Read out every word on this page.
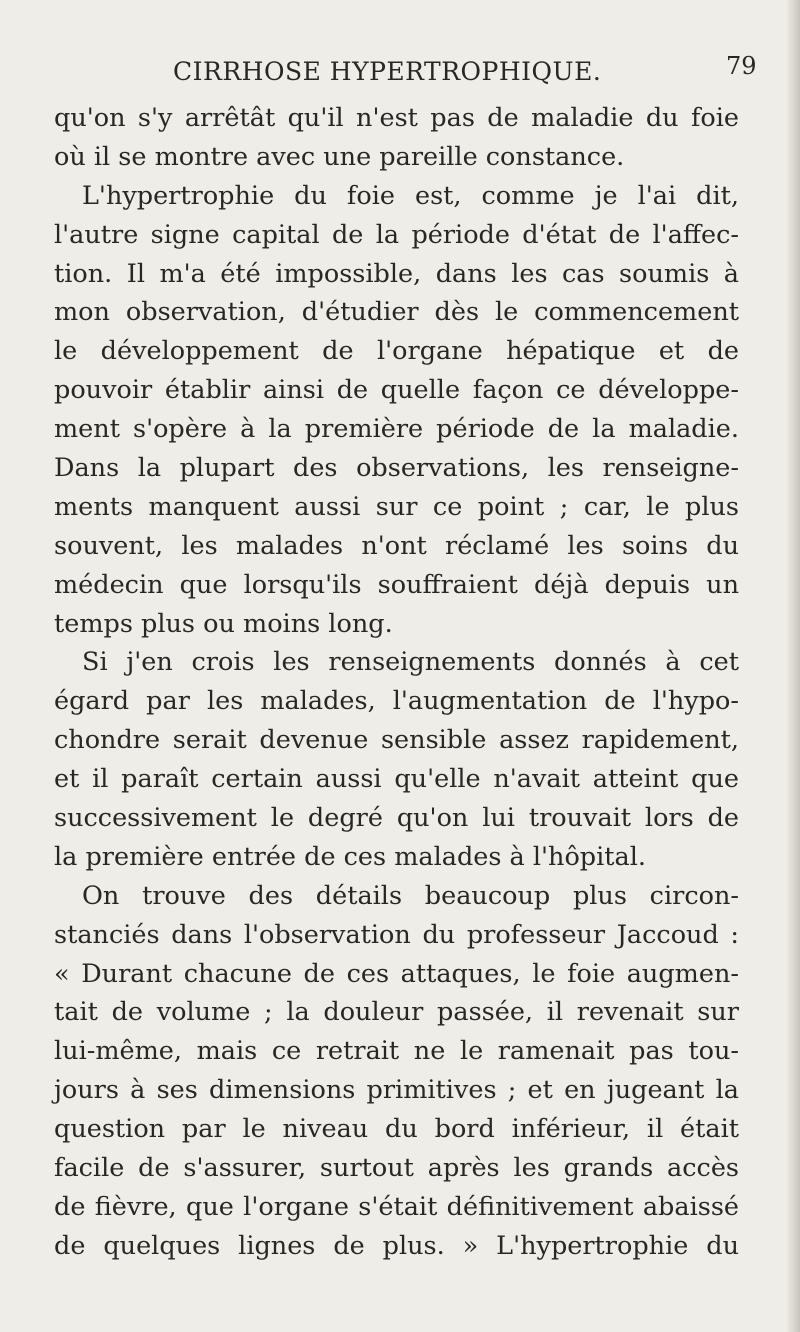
CIRRHOSE HYPERTROPHIQUE.	79
qu'on s'y arrêtât qu'il n'est pas de maladie du foie
où il se montre avec une pareille constance.
L'hypertrophie du foie est, comme je l'ai dit,
l'autre signe capital de la période d'état de l'affec-
tion. Il m'a été impossible, dans les cas soumis à
mon observation, d'étudier dès le commencement
le développement de l'organe hépatique et de
pouvoir établir ainsi de quelle façon ce développe-
ment s'opère à la première période de la maladie.
Dans la plupart des observations, les renseigne-
ments manquent aussi sur ce point ; car, le plus
souvent, les malades n'ont réclamé les soins du
médecin que lorsqu'ils souffraient déjà depuis un
temps plus ou moins long.
Si j'en crois les renseignements donnés à cet
égard par les malades, l'augmentation de l'hypo-
chondre serait devenue sensible assez rapidement,
et il paraît certain aussi qu'elle n'avait atteint que
successivement le degré qu'on lui trouvait lors de
la première entrée de ces malades à l'hôpital.
On trouve des détails beaucoup plus circon-
stanciés dans l'observation du professeur Jaccoud :
« Durant chacune de ces attaques, le foie augmen-
tait de volume ; la douleur passée, il revenait sur
lui-même, mais ce retrait ne le ramenait pas tou-
jours à ses dimensions primitives ; et en jugeant la
question par le niveau du bord inférieur, il était
facile de s'assurer, surtout après les grands accès
de fièvre, que l'organe s'était définitivement abaissé
de quelques lignes de plus. » L'hypertrophie du
